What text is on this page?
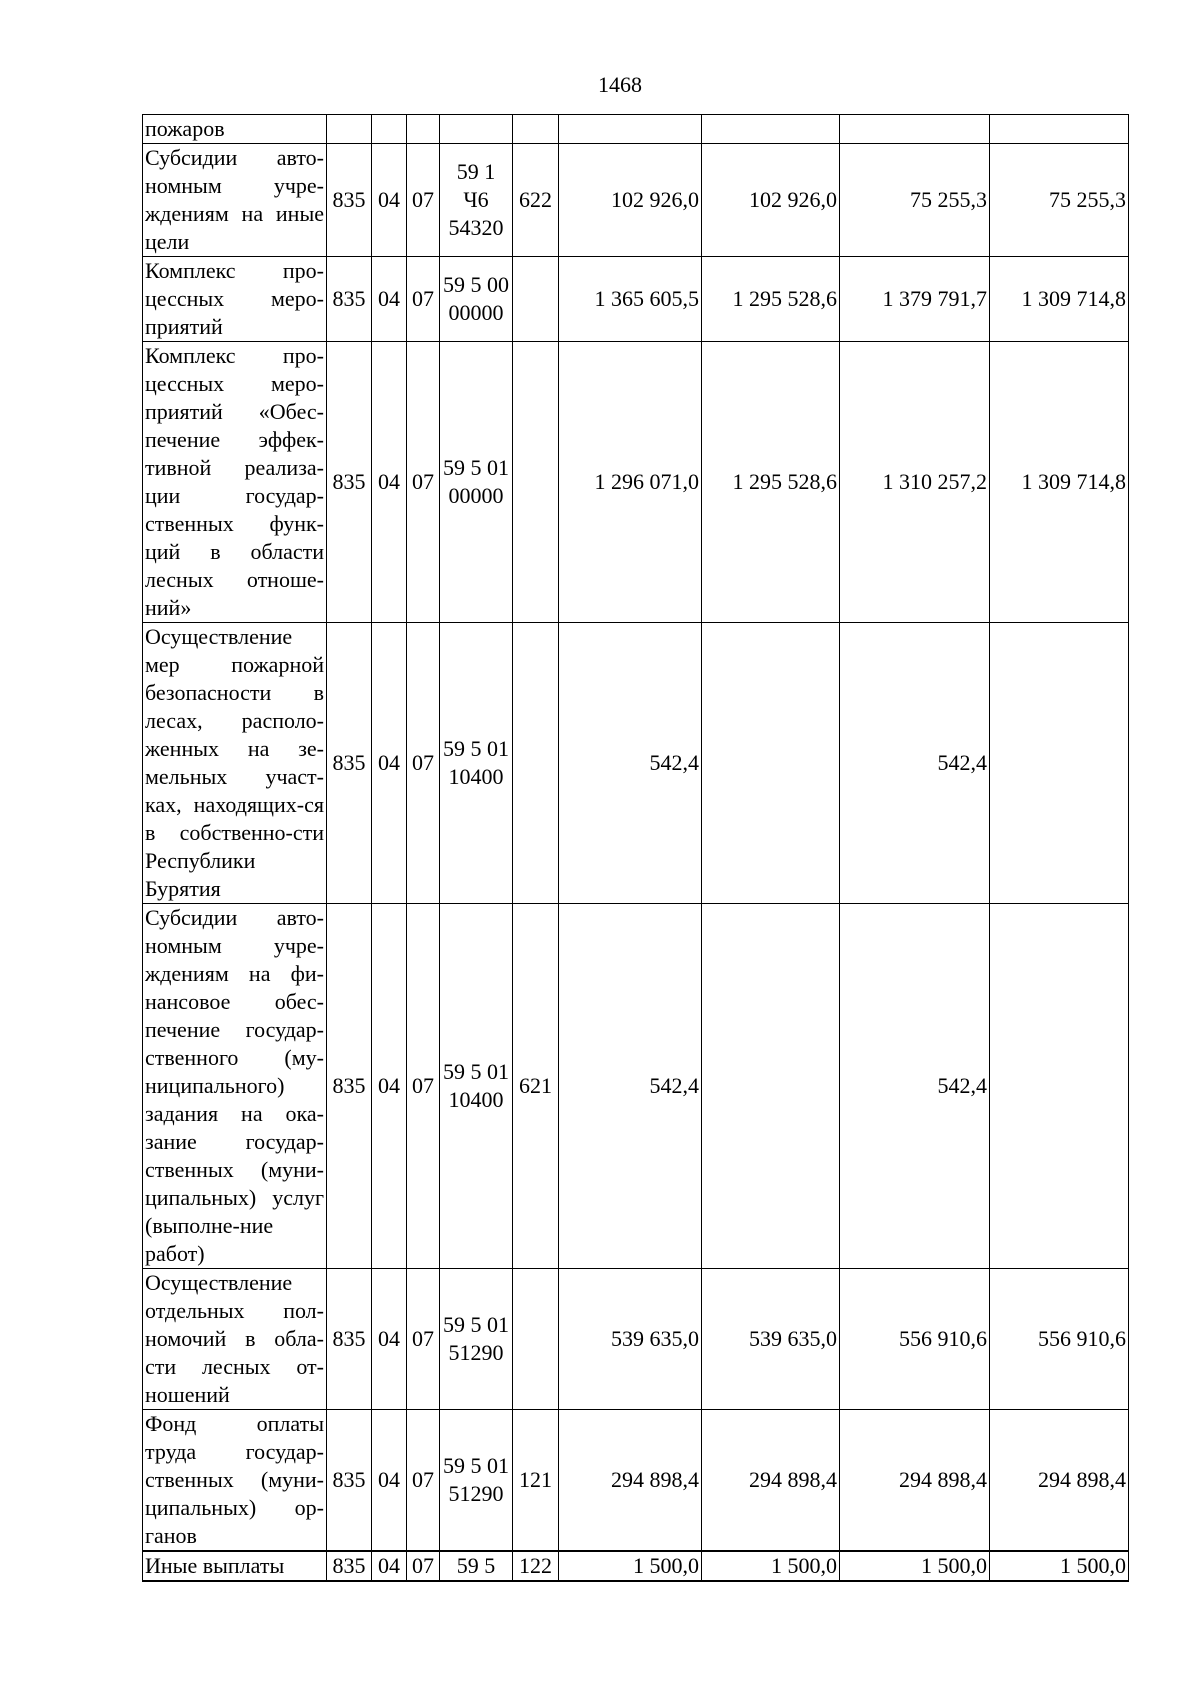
1468
пожаров									
Субсидии авто-номным учре-ждениям на иные цели	835	04	07	59 1 Ч6 54320	622	102 926,0	102 926,0	75 255,3	75 255,3
Комплекс про-цессных меро-приятий	835	04	07	59 5 00 00000		1 365 605,5	1 295 528,6	1 379 791,7	1 309 714,8
Комплекс про-цессных меро-приятий «Обес-печение эффек-тивной реализа-ции государ-ственных функ-ций в области лесных отноше-ний»	835	04	07	59 5 01 00000		1 296 071,0	1 295 528,6	1 310 257,2	1 309 714,8
Осуществление мер пожарной безопасности в лесах, располо-женных на зе-мельных участ-ках, находящих-ся в собственно-сти Республики Бурятия	835	04	07	59 5 01 10400		542,4		542,4	
Субсидии авто-номным учре-ждениям на фи-нансовое обес-печение государ-ственного (му-ниципального) задания на ока-зание государ-ственных (муни-ципальных) услуг (выполне-ние работ)	835	04	07	59 5 01 10400	621	542,4		542,4	
Осуществление отдельных пол-номочий в обла-сти лесных от-ношений	835	04	07	59 5 01 51290		539 635,0	539 635,0	556 910,6	556 910,6
Фонд оплаты труда государ-ственных (муни-ципальных) ор-ганов	835	04	07	59 5 01 51290	121	294 898,4	294 898,4	294 898,4	294 898,4
Иные выплаты	835	04	07	59 5	122	1 500,0	1 500,0	1 500,0	1 500,0
